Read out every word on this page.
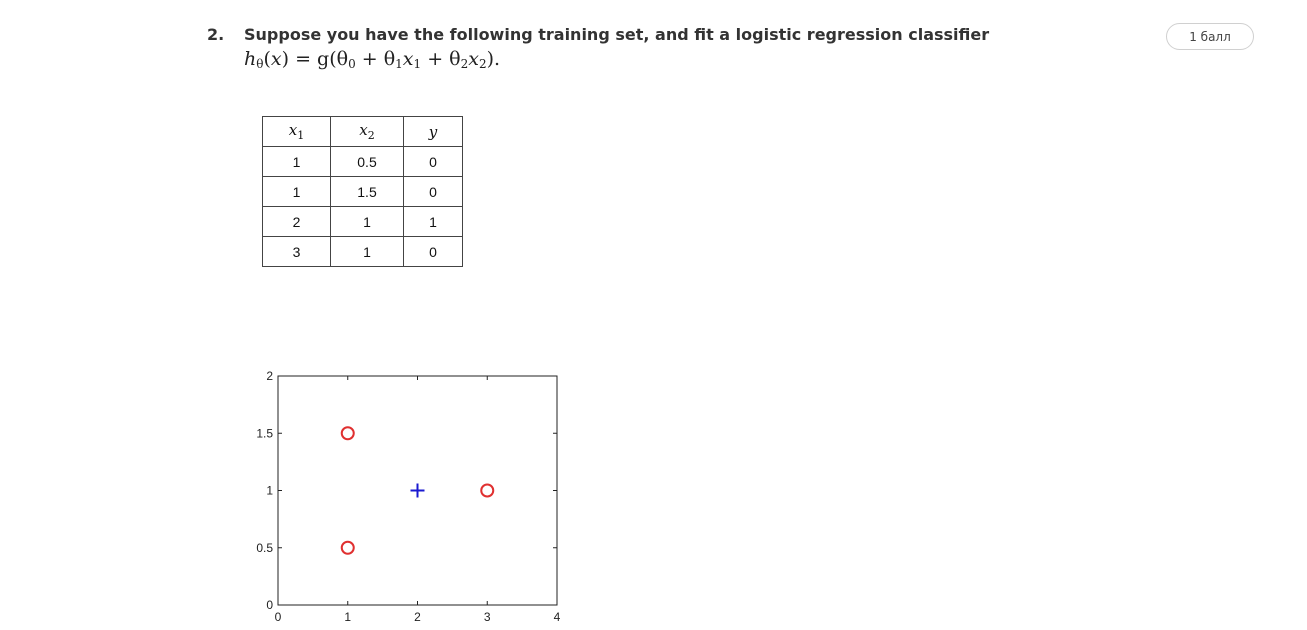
2. Suppose you have the following training set, and fit a logistic regression classifier
$h_\theta(x) = g(\theta_0 + \theta_1x_1 + \theta_2x_2)$.
1 балл
$x_1$	$x_2$	y
1	0.5	0
1	1.5	0
2	1	1
3	1	0
0	1	2	3	4
0
0.5
1
1.5
2
